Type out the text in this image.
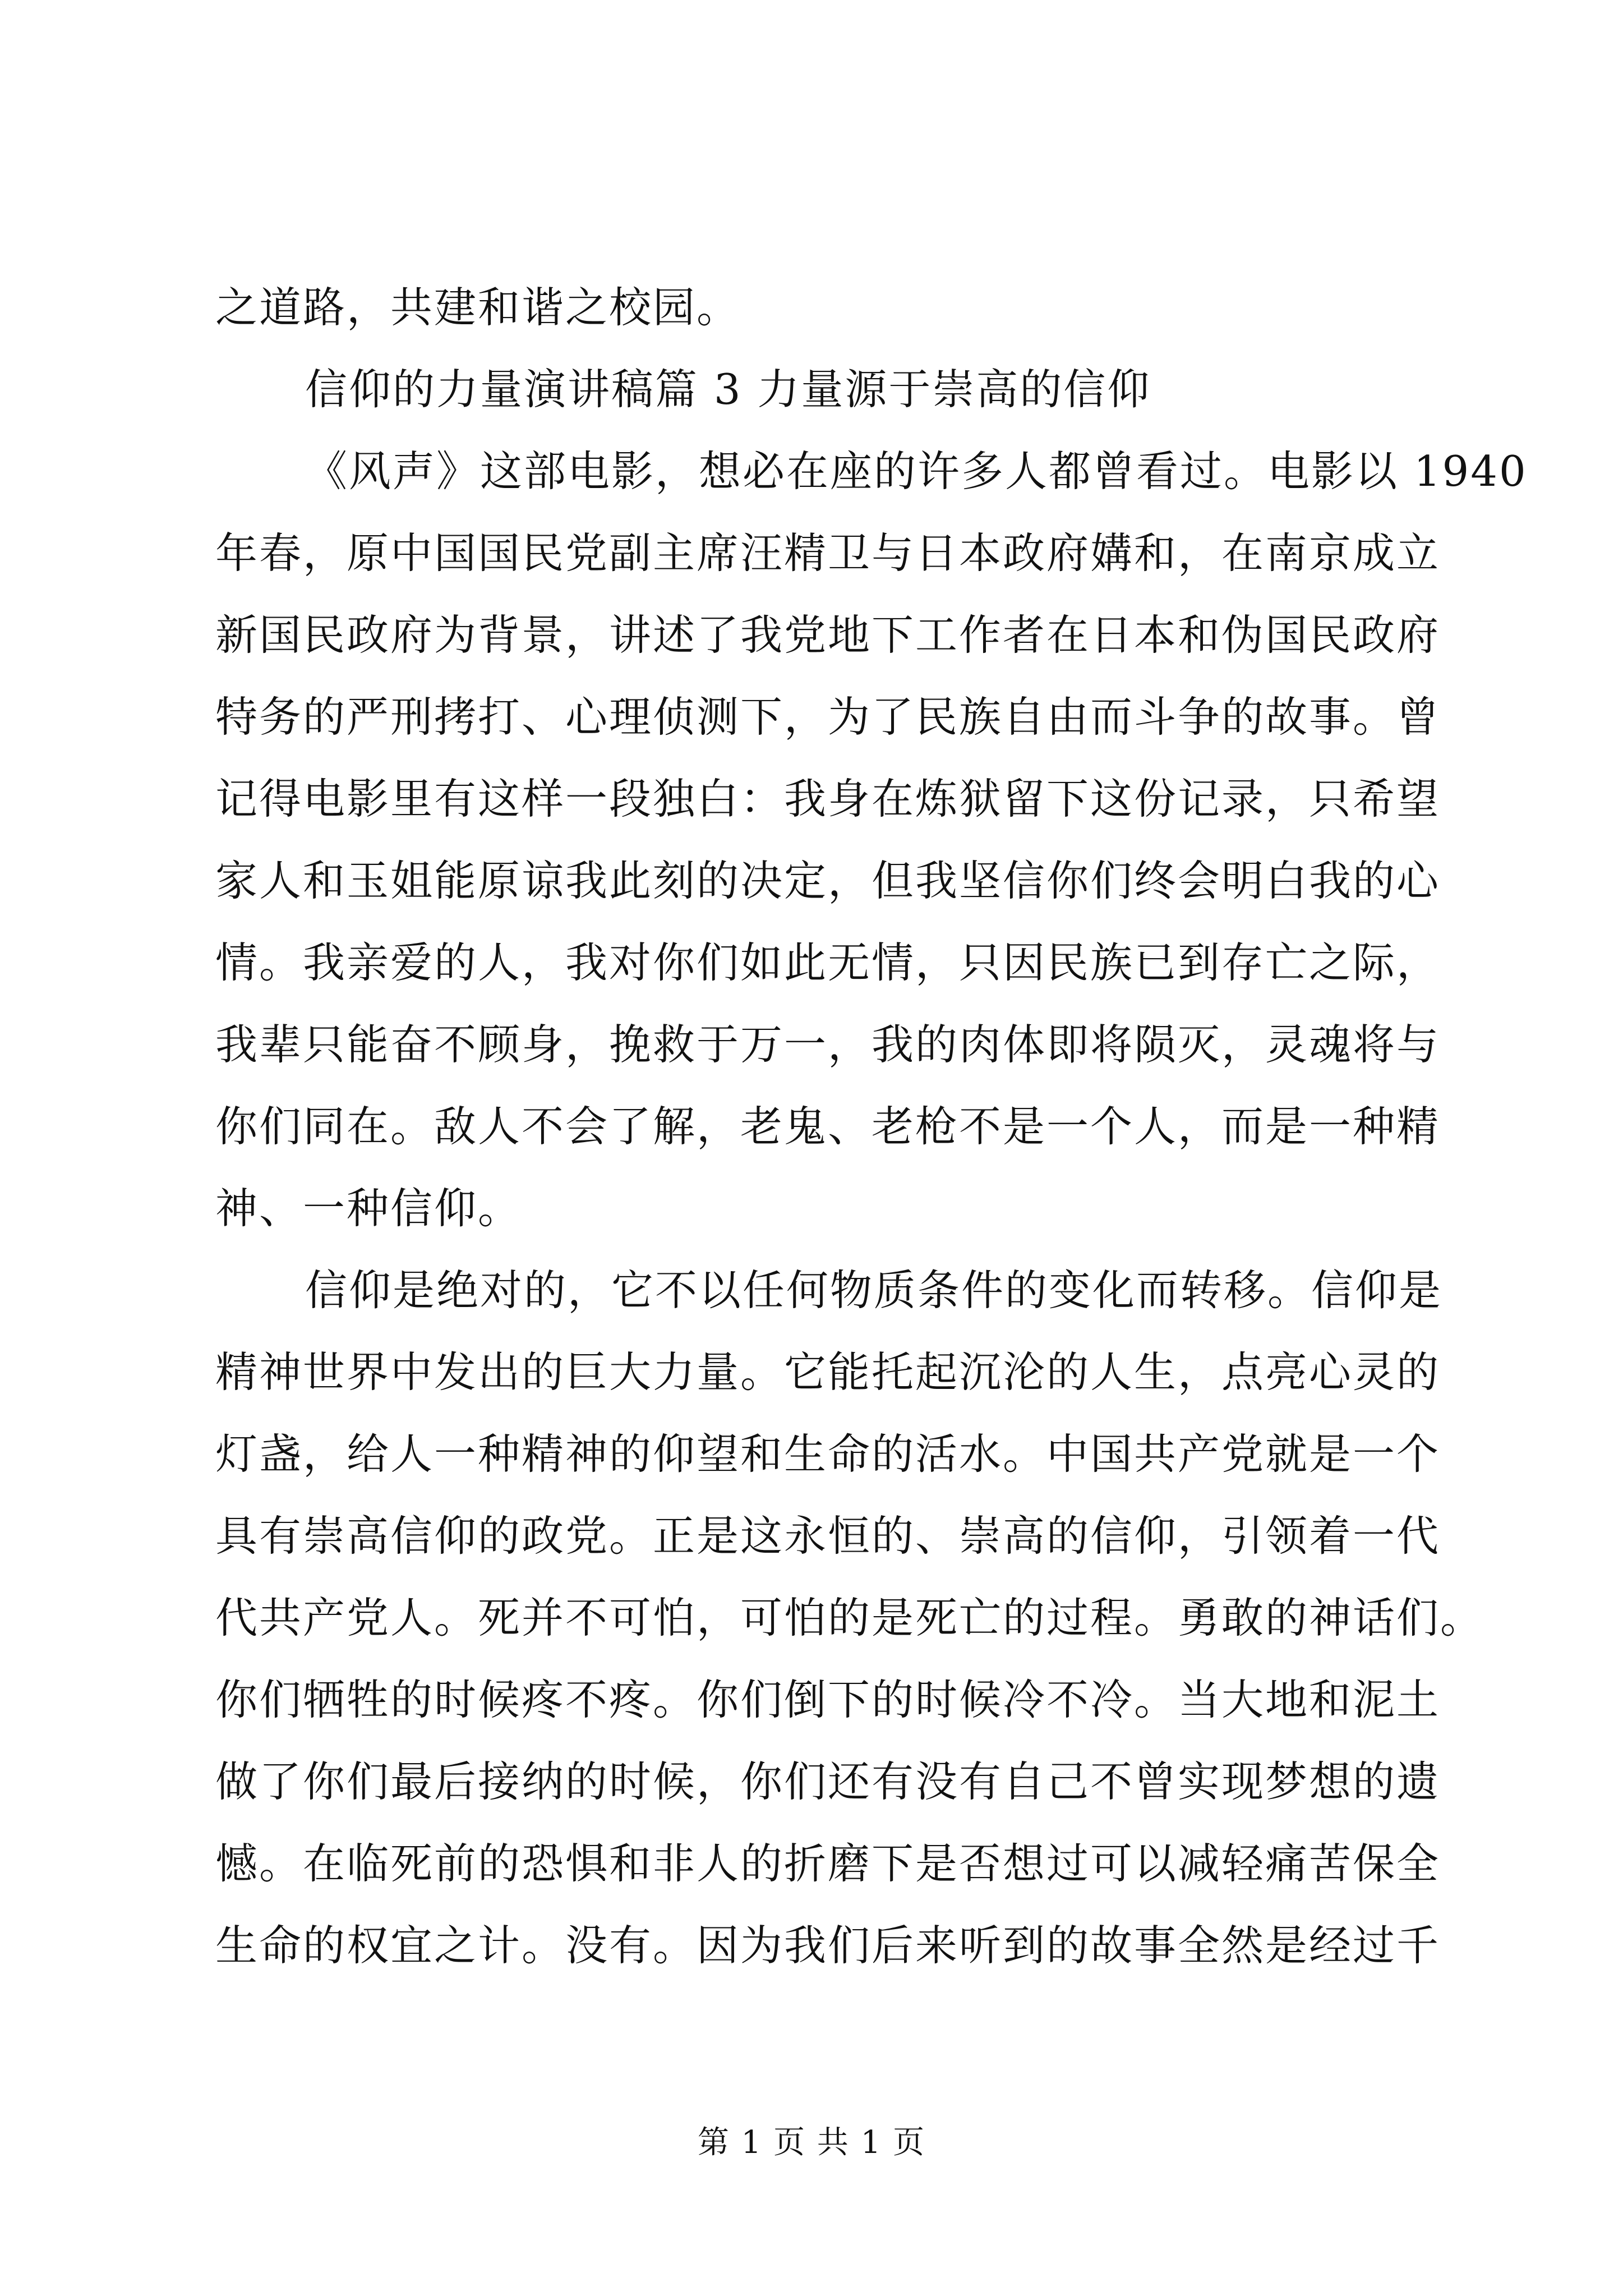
之道路，共建和谐之校园。
信仰的力量演讲稿篇 3 力量源于崇高的信仰
《风声》这部电影，想必在座的许多人都曾看过。电影以 1940
年春，原中国国民党副主席汪精卫与日本政府媾和，在南京成立
新国民政府为背景，讲述了我党地下工作者在日本和伪国民政府
特务的严刑拷打、心理侦测下，为了民族自由而斗争的故事。曾
记得电影里有这样一段独白：我身在炼狱留下这份记录，只希望
家人和玉姐能原谅我此刻的决定，但我坚信你们终会明白我的心
情。我亲爱的人，我对你们如此无情，只因民族已到存亡之际，
我辈只能奋不顾身，挽救于万一，我的肉体即将陨灭，灵魂将与
你们同在。敌人不会了解，老鬼、老枪不是一个人，而是一种精
神、一种信仰。
信仰是绝对的，它不以任何物质条件的变化而转移。信仰是
精神世界中发出的巨大力量。它能托起沉沦的人生，点亮心灵的
灯盏，给人一种精神的仰望和生命的活水。中国共产党就是一个
具有崇高信仰的政党。正是这永恒的、崇高的信仰，引领着一代
代共产党人。死并不可怕，可怕的是死亡的过程。勇敢的神话们。
你们牺牲的时候疼不疼。你们倒下的时候冷不冷。当大地和泥土
做了你们最后接纳的时候，你们还有没有自己不曾实现梦想的遗
憾。在临死前的恐惧和非人的折磨下是否想过可以减轻痛苦保全
生命的权宜之计。没有。因为我们后来听到的故事全然是经过千
第 1 页 共 1 页
